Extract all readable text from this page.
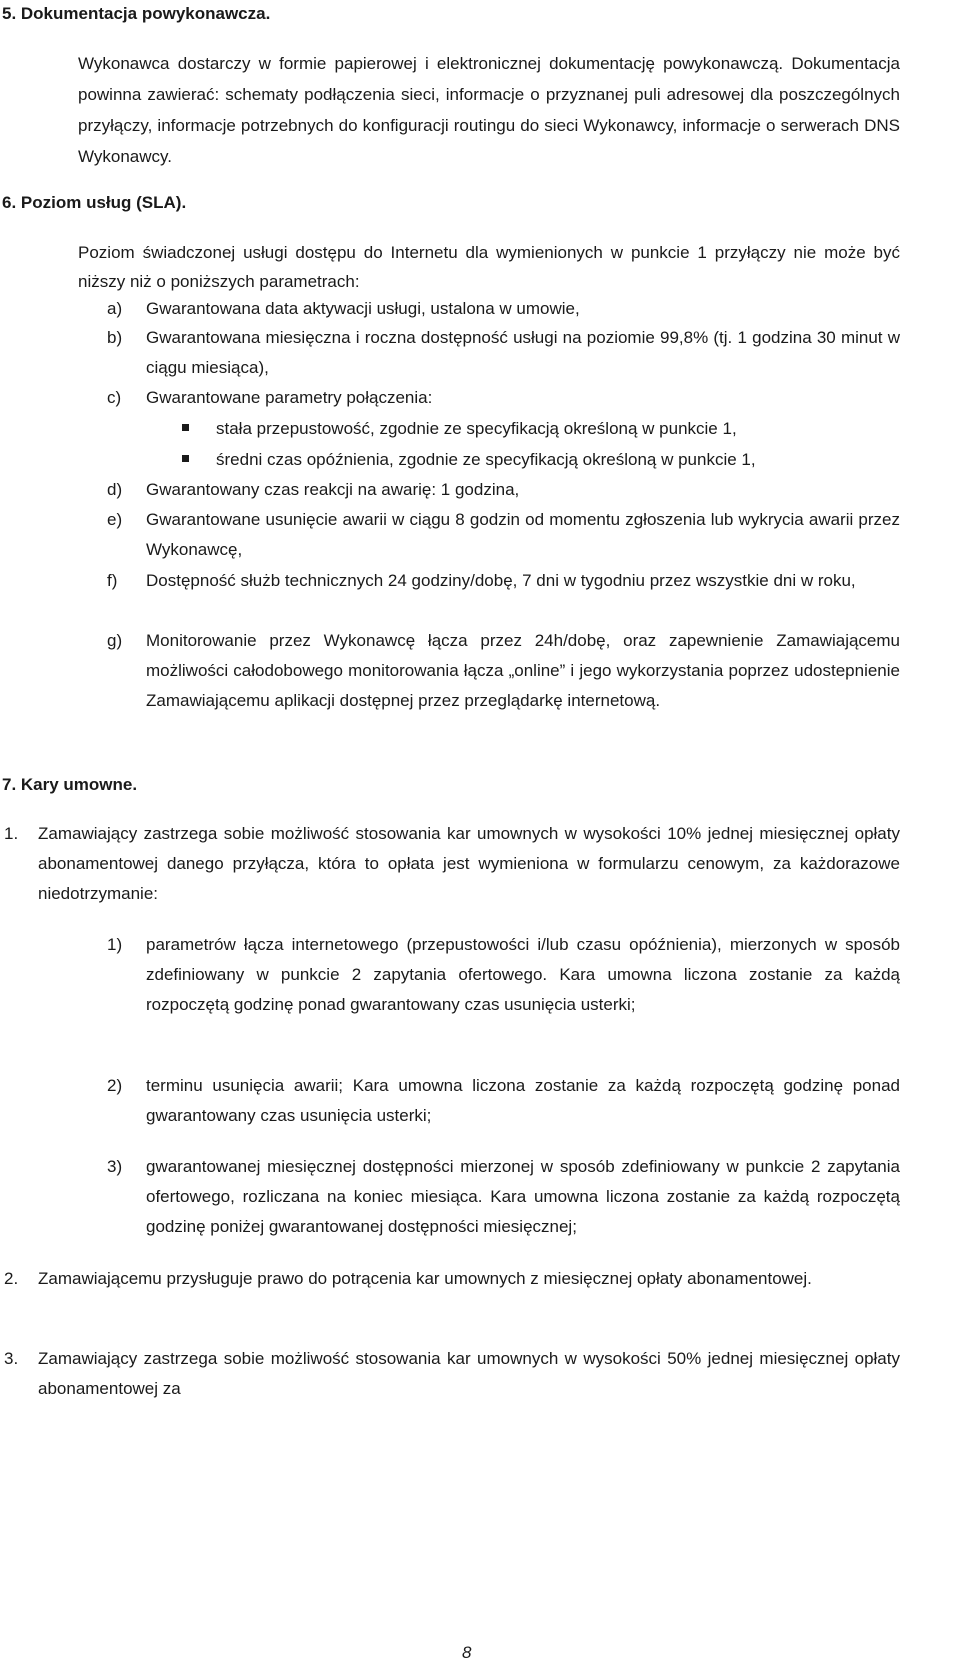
5. Dokumentacja powykonawcza.
Wykonawca dostarczy w formie papierowej i elektronicznej dokumentację powykonawczą. Dokumentacja powinna zawierać: schematy podłączenia sieci, informacje o przyznanej puli adresowej dla poszczególnych przyłączy, informacje potrzebnych do konfiguracji routingu do sieci Wykonawcy, informacje o serwerach DNS Wykonawcy.
6. Poziom usług (SLA).
Poziom świadczonej usługi dostępu do Internetu dla wymienionych w punkcie 1 przyłączy nie może być niższy niż o poniższych parametrach:
a) Gwarantowana data aktywacji usługi, ustalona w umowie,
b) Gwarantowana miesięczna i roczna dostępność usługi na poziomie 99,8% (tj. 1 godzina 30 minut w ciągu miesiąca),
c) Gwarantowane parametry połączenia:
stała przepustowość, zgodnie ze specyfikacją określoną w punkcie 1,
średni czas opóźnienia, zgodnie ze specyfikacją określoną w punkcie 1,
d) Gwarantowany czas reakcji na awarię: 1 godzina,
e) Gwarantowane usunięcie awarii w ciągu 8 godzin od momentu zgłoszenia lub wykrycia awarii przez Wykonawcę,
f) Dostępność służb technicznych 24 godziny/dobę, 7 dni w tygodniu przez wszystkie dni w roku,
g) Monitorowanie przez Wykonawcę łącza przez 24h/dobę, oraz zapewnienie Zamawiającemu możliwości całodobowego monitorowania łącza „online” i jego wykorzystania poprzez udostepnienie Zamawiającemu aplikacji dostępnej przez przeglądarkę internetową.
7. Kary umowne.
1. Zamawiający zastrzega sobie możliwość stosowania kar umownych w wysokości 10% jednej miesięcznej opłaty abonamentowej danego przyłącza, która to opłata jest wymieniona w formularzu cenowym, za każdorazowe niedotrzymanie:
1) parametrów łącza internetowego (przepustowości i/lub czasu opóźnienia), mierzonych w sposób zdefiniowany w punkcie 2 zapytania ofertowego. Kara umowna liczona zostanie za każdą rozpoczętą godzinę ponad gwarantowany czas usunięcia usterki;
2) terminu usunięcia awarii; Kara umowna liczona zostanie za każdą rozpoczętą godzinę ponad gwarantowany czas usunięcia usterki;
3) gwarantowanej miesięcznej dostępności mierzonej w sposób zdefiniowany w punkcie 2 zapytania ofertowego, rozliczana na koniec miesiąca. Kara umowna liczona zostanie za każdą rozpoczętą godzinę poniżej gwarantowanej dostępności miesięcznej;
2. Zamawiającemu przysługuje prawo do potrącenia kar umownych z miesięcznej opłaty abonamentowej.
3. Zamawiający zastrzega sobie możliwość stosowania kar umownych w wysokości 50% jednej miesięcznej opłaty abonamentowej za
8
